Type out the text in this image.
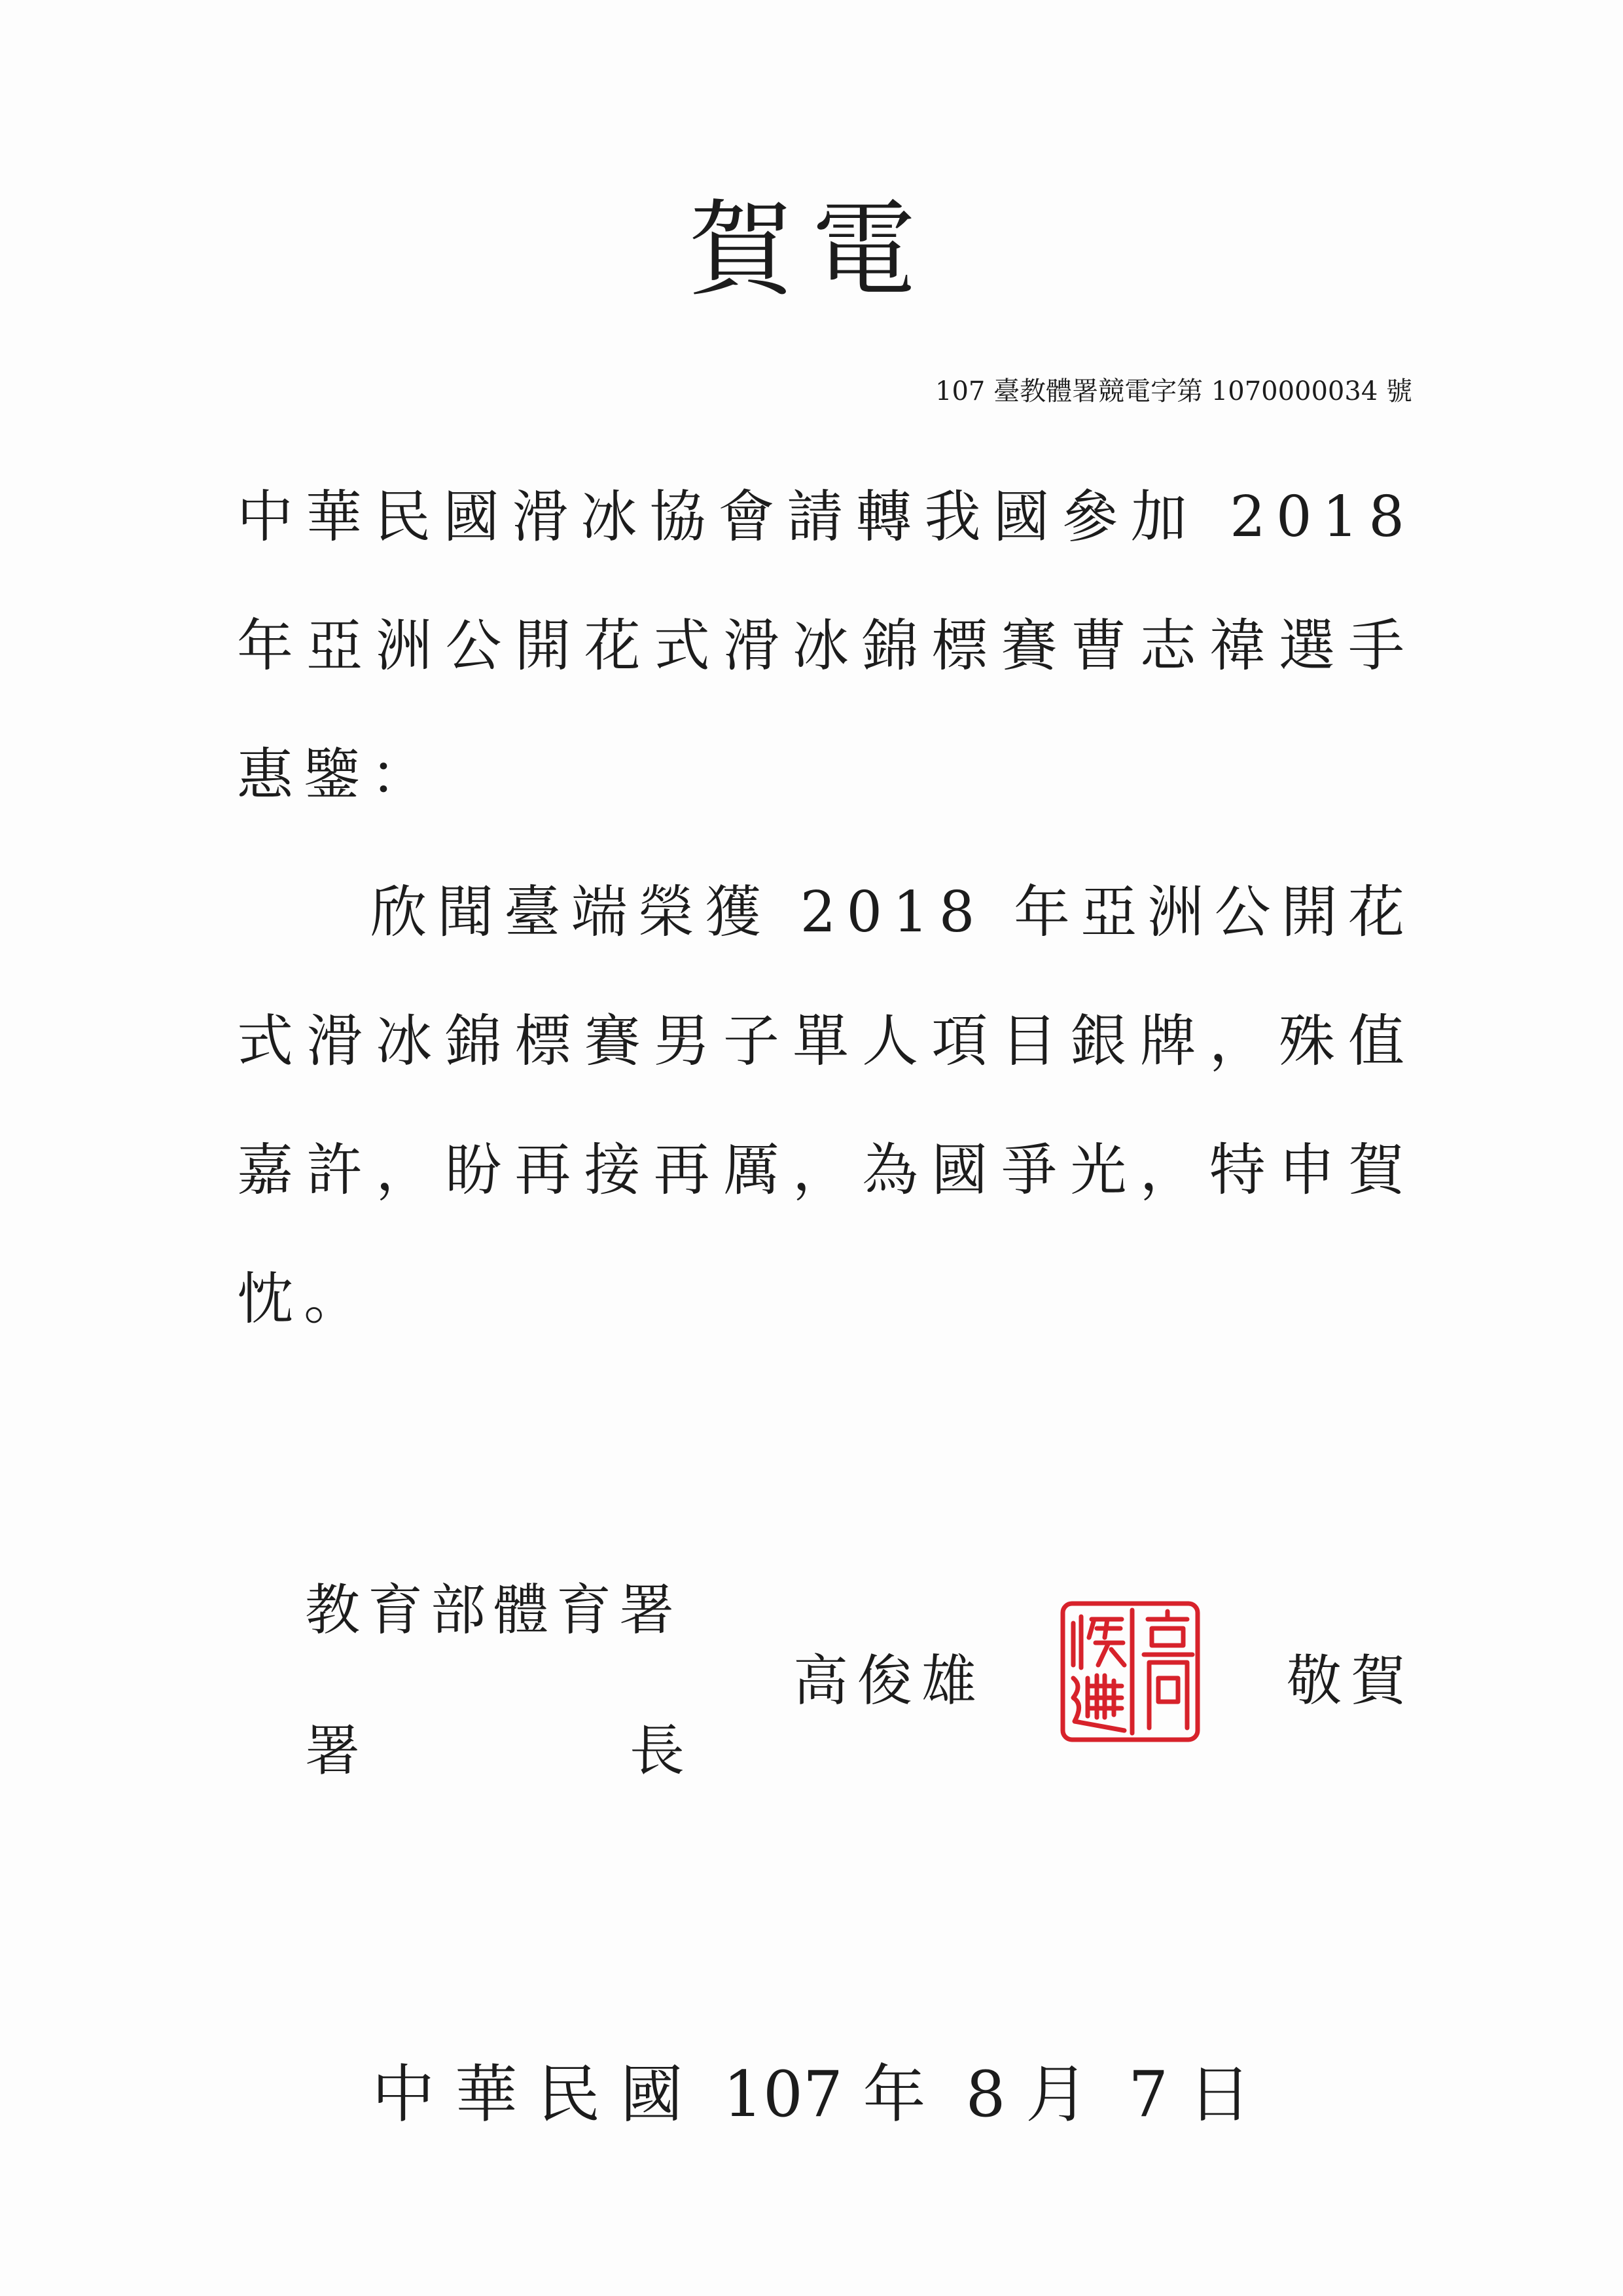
賀電
107 臺教體署競電字第 1070000034 號
中華民國滑冰協會請轉我國參加 2018 年亞洲公開花式滑冰錦標賽曹志禕選手惠鑒：
欣聞臺端榮獲 2018 年亞洲公開花式滑冰錦標賽男子單人項目銀牌，殊值嘉許，盼再接再厲，為國爭光，特申賀忱。
教育部體育署
署	長
高俊雄	敬賀
中 華 民 國  107 年  8 月  7 日
